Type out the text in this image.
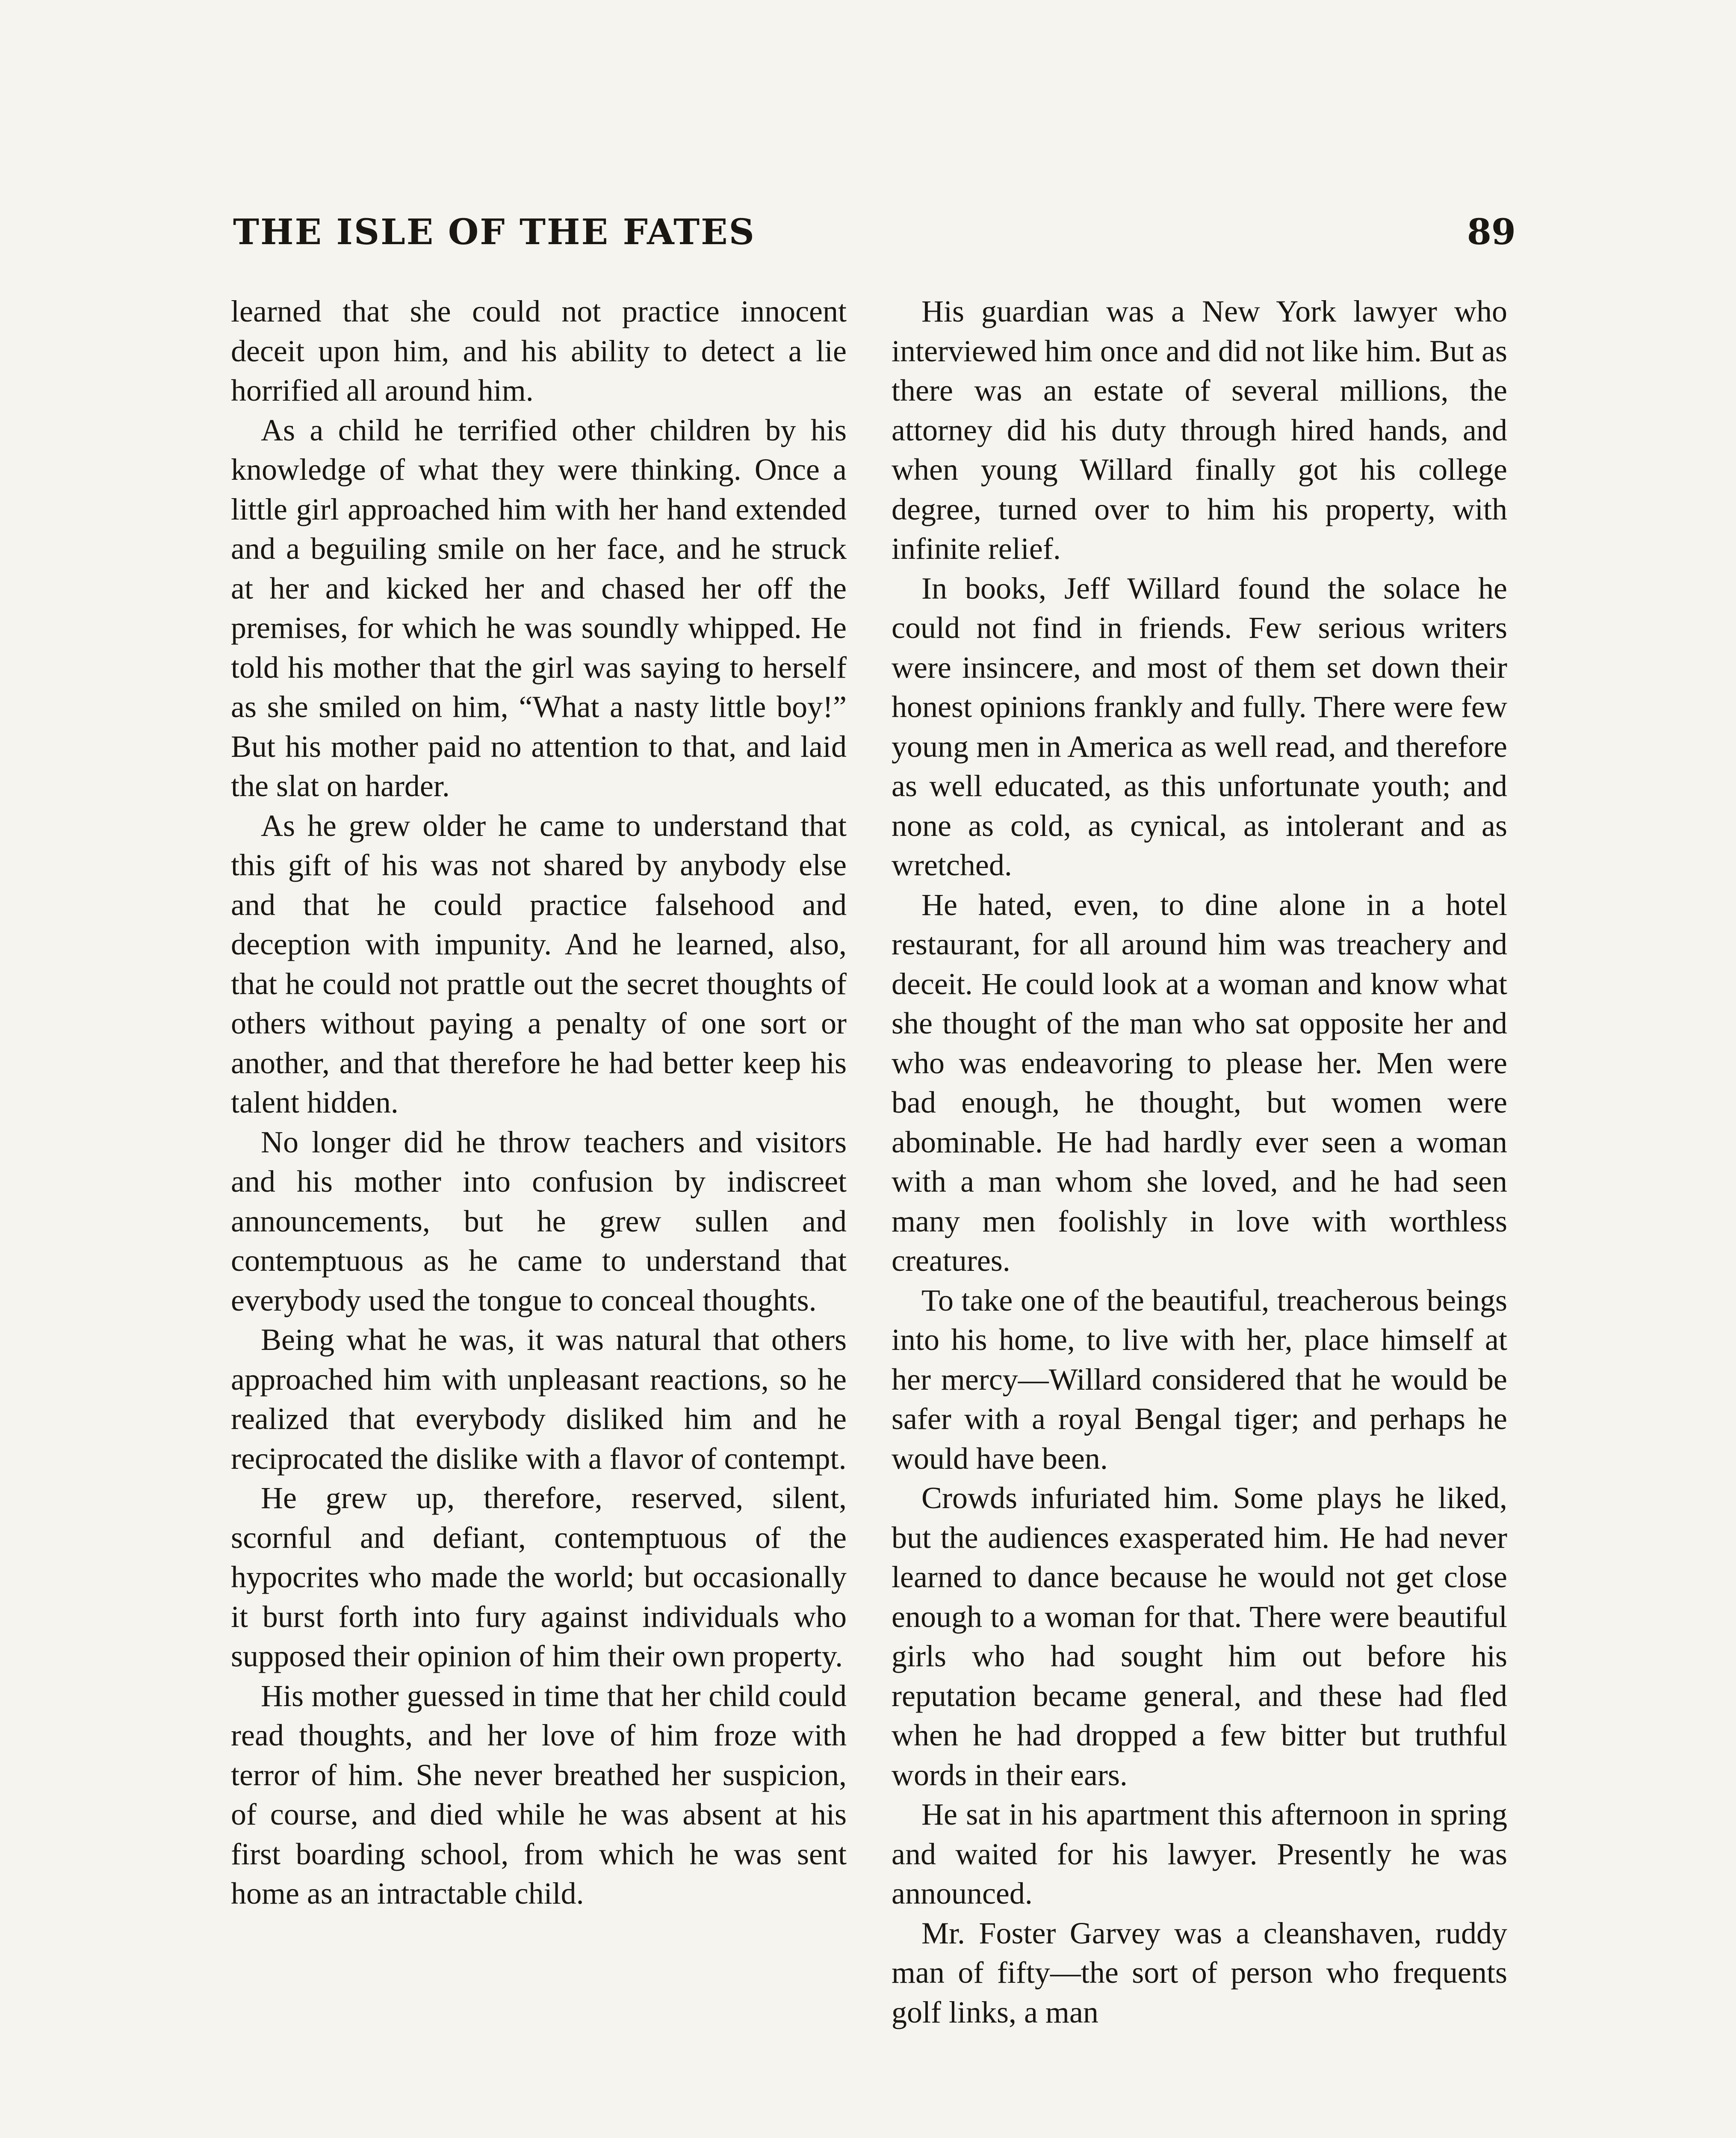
THE ISLE OF THE FATES	89

learned that she could not practice innocent deceit upon him, and his ability to detect a lie horrified all around him.

As a child he terrified other children by his knowledge of what they were thinking. Once a little girl approached him with her hand extended and a beguiling smile on her face, and he struck at her and kicked her and chased her off the premises, for which he was soundly whipped. He told his mother that the girl was saying to herself as she smiled on him, “What a nasty little boy!” But his mother paid no attention to that, and laid the slat on harder.

As he grew older he came to understand that this gift of his was not shared by anybody else and that he could practice falsehood and deception with impunity. And he learned, also, that he could not prattle out the secret thoughts of others without paying a penalty of one sort or another, and that therefore he had better keep his talent hidden.

No longer did he throw teachers and visitors and his mother into confusion by indiscreet announcements, but he grew sullen and contemptuous as he came to understand that everybody used the tongue to conceal thoughts.

Being what he was, it was natural that others approached him with unpleasant reactions, so he realized that everybody disliked him and he reciprocated the dislike with a flavor of contempt.

He grew up, therefore, reserved, silent, scornful and defiant, contemptuous of the hypocrites who made the world; but occasionally it burst forth into fury against individuals who supposed their opinion of him their own property.

His mother guessed in time that her child could read thoughts, and her love of him froze with terror of him. She never breathed her suspicion, of course, and died while he was absent at his first boarding school, from which he was sent home as an intractable child.

His guardian was a New York lawyer who interviewed him once and did not like him. But as there was an estate of several millions, the attorney did his duty through hired hands, and when young Willard finally got his college degree, turned over to him his property, with infinite relief.

In books, Jeff Willard found the solace he could not find in friends. Few serious writers were insincere, and most of them set down their honest opinions frankly and fully. There were few young men in America as well read, and therefore as well educated, as this unfortunate youth; and none as cold, as cynical, as intolerant and as wretched.

He hated, even, to dine alone in a hotel restaurant, for all around him was treachery and deceit. He could look at a woman and know what she thought of the man who sat opposite her and who was endeavoring to please her. Men were bad enough, he thought, but women were abominable. He had hardly ever seen a woman with a man whom she loved, and he had seen many men foolishly in love with worthless creatures.

To take one of the beautiful, treacherous beings into his home, to live with her, place himself at her mercy—Willard considered that he would be safer with a royal Bengal tiger; and perhaps he would have been.

Crowds infuriated him. Some plays he liked, but the audiences exasperated him. He had never learned to dance because he would not get close enough to a woman for that. There were beautiful girls who had sought him out before his reputation became general, and these had fled when he had dropped a few bitter but truthful words in their ears.

He sat in his apartment this afternoon in spring and waited for his lawyer. Presently he was announced.

Mr. Foster Garvey was a cleanshaven, ruddy man of fifty—the sort of person who frequents golf links, a man
